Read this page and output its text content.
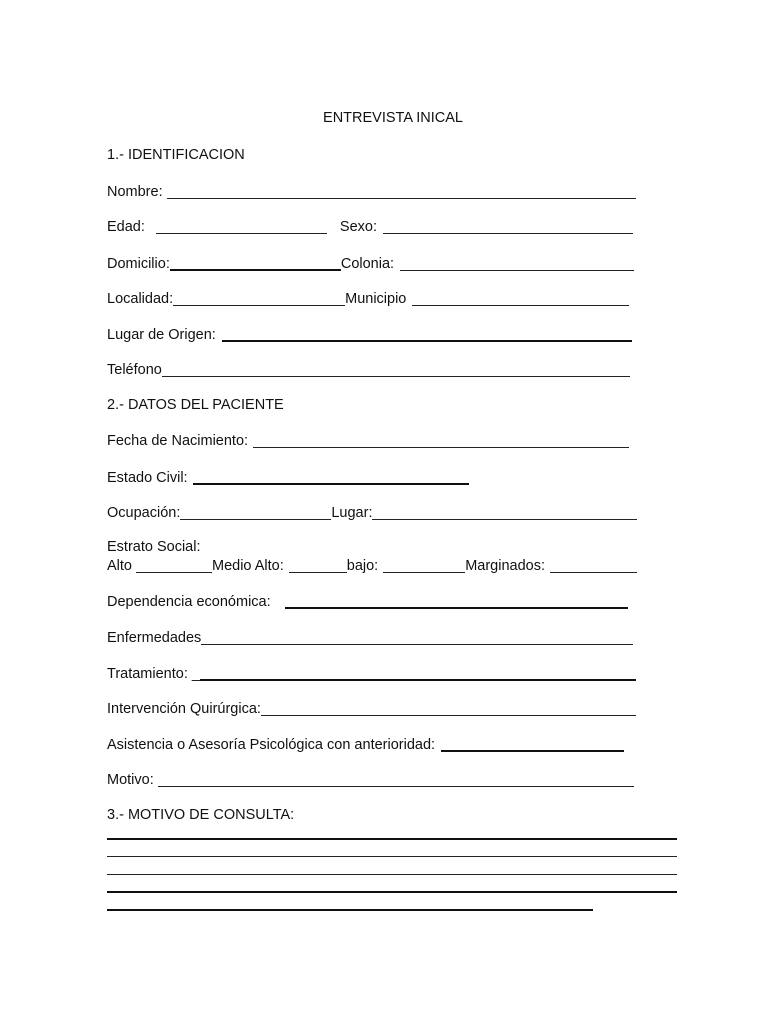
ENTREVISTA INICAL
1.- IDENTIFICACION
Nombre:
Edad:	Sexo:
Domicilio:	Colonia:
Localidad:	Municipio
Lugar de Origen:
Teléfono
2.- DATOS DEL PACIENTE
Fecha de Nacimiento:
Estado Civil:
Ocupación:	Lugar:
Estrato Social:
Alto	Medio Alto:	bajo:	Marginados:
Dependencia económica:
Enfermedades
Tratamiento: _
Intervención Quirúrgica:
Asistencia o Asesoría Psicológica con anterioridad:
Motivo:
3.- MOTIVO DE CONSULTA:
